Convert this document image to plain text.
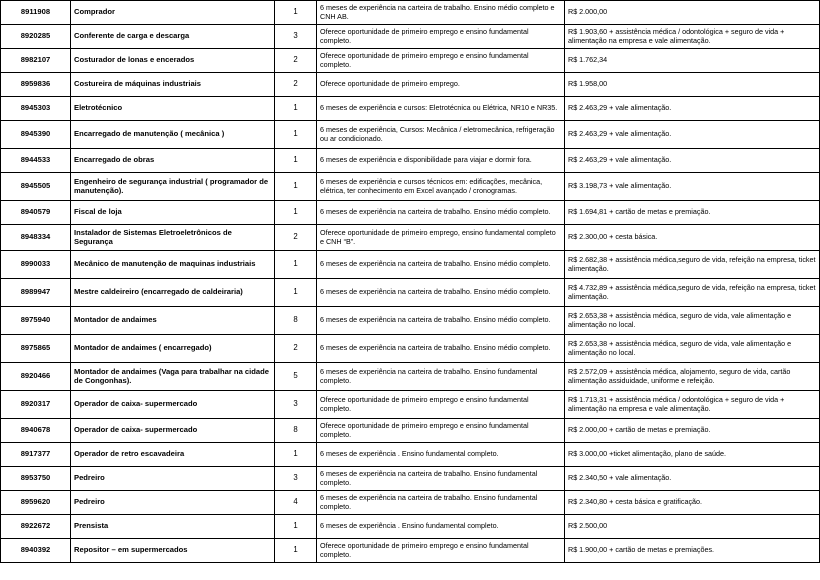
8911908	Comprador	1	6 meses de experiência na carteira de trabalho. Ensino médio completo e CNH AB.	R$ 2.000,00
8920285	Conferente de carga e descarga	3	Oferece oportunidade de primeiro emprego e ensino fundamental completo.	R$ 1.903,60 + assistência médica / odontológica + seguro de vida + alimentação na empresa e vale alimentação.
8982107	Costurador de lonas e encerados	2	Oferece oportunidade de primeiro emprego e ensino fundamental completo.	R$ 1.762,34
8959836	Costureira de máquinas industriais	2	Oferece oportunidade de primeiro emprego.	R$ 1.958,00
8945303	Eletrotécnico	1	6 meses de experiência e cursos: Eletrotécnica ou Elétrica, NR10 e NR35.	R$ 2.463,29 + vale alimentação.
8945390	Encarregado de manutenção ( mecânica )	1	6 meses de experiência, Cursos: Mecânica / eletromecânica, refrigeração ou ar condicionado.	R$ 2.463,29 + vale alimentação.
8944533	Encarregado de obras	1	6 meses de experiência e disponibilidade para viajar e dormir fora.	R$ 2.463,29 + vale alimentação.
8945505	Engenheiro de segurança industrial ( programador de manutenção).	1	6 meses de experiência e cursos técnicos em: edificações, mecânica, elétrica, ter conhecimento em Excel avançado / cronogramas.	R$ 3.198,73 + vale alimentação.
8940579	Fiscal de loja	1	6 meses de experiência na carteira de trabalho. Ensino médio completo.	R$ 1.694,81 + cartão de metas e premiação.
8948334	Instalador de Sistemas Eletroeletrônicos de Segurança	2	Oferece oportunidade de primeiro emprego, ensino fundamental completo e CNH “B”.	R$ 2.300,00 + cesta básica.
8990033	Mecânico de manutenção de maquinas industriais	1	6 meses de experiência na carteira de trabalho. Ensino médio completo.	R$ 2.682,38 + assistência médica,seguro de vida, refeição na empresa, ticket alimentação.
8989947	Mestre caldeireiro (encarregado de caldeiraria)	1	6 meses de experiência na carteira de trabalho. Ensino médio completo.	R$ 4.732,89 + assistência médica,seguro de vida, refeição na empresa, ticket alimentação.
8975940	Montador de andaimes	8	6 meses de experiência na carteira de trabalho. Ensino médio completo.	R$ 2.653,38 + assistência médica, seguro de vida, vale alimentação e alimentação no local.
8975865	Montador de andaimes ( encarregado)	2	6 meses de experiência na carteira de trabalho. Ensino médio completo.	R$ 2.653,38 + assistência médica, seguro de vida, vale alimentação e alimentação no local.
8920466	Montador de andaimes (Vaga para trabalhar na cidade de Congonhas).	5	6 meses de experiência na carteira de trabalho. Ensino fundamental completo.	R$ 2.572,09 + assistência médica, alojamento, seguro de vida, cartão alimentação assiduidade, uniforme e refeição.
8920317	Operador de caixa- supermercado	3	Oferece oportunidade de primeiro emprego e ensino fundamental completo.	R$ 1.713,31 + assistência médica / odontológica + seguro de vida + alimentação na empresa e vale alimentação.
8940678	Operador de caixa- supermercado	8	Oferece oportunidade de primeiro emprego e ensino fundamental completo.	R$ 2.000,00 + cartão de metas e premiação.
8917377	Operador de retro escavadeira	1	6 meses de experiência . Ensino fundamental completo.	R$ 3.000,00 +ticket alimentação, plano de saúde.
8953750	Pedreiro	3	6 meses de experiência na carteira de trabalho. Ensino fundamental completo.	R$ 2.340,50 + vale alimentação.
8959620	Pedreiro	4	6 meses de experiência na carteira de trabalho. Ensino fundamental completo.	R$ 2.340,80 + cesta básica e gratificação.
8922672	Prensista	1	6 meses de experiência . Ensino fundamental completo.	R$ 2.500,00
8940392	Repositor – em supermercados	1	Oferece oportunidade de primeiro emprego e ensino fundamental completo.	R$ 1.900,00 + cartão de metas e premiações.
